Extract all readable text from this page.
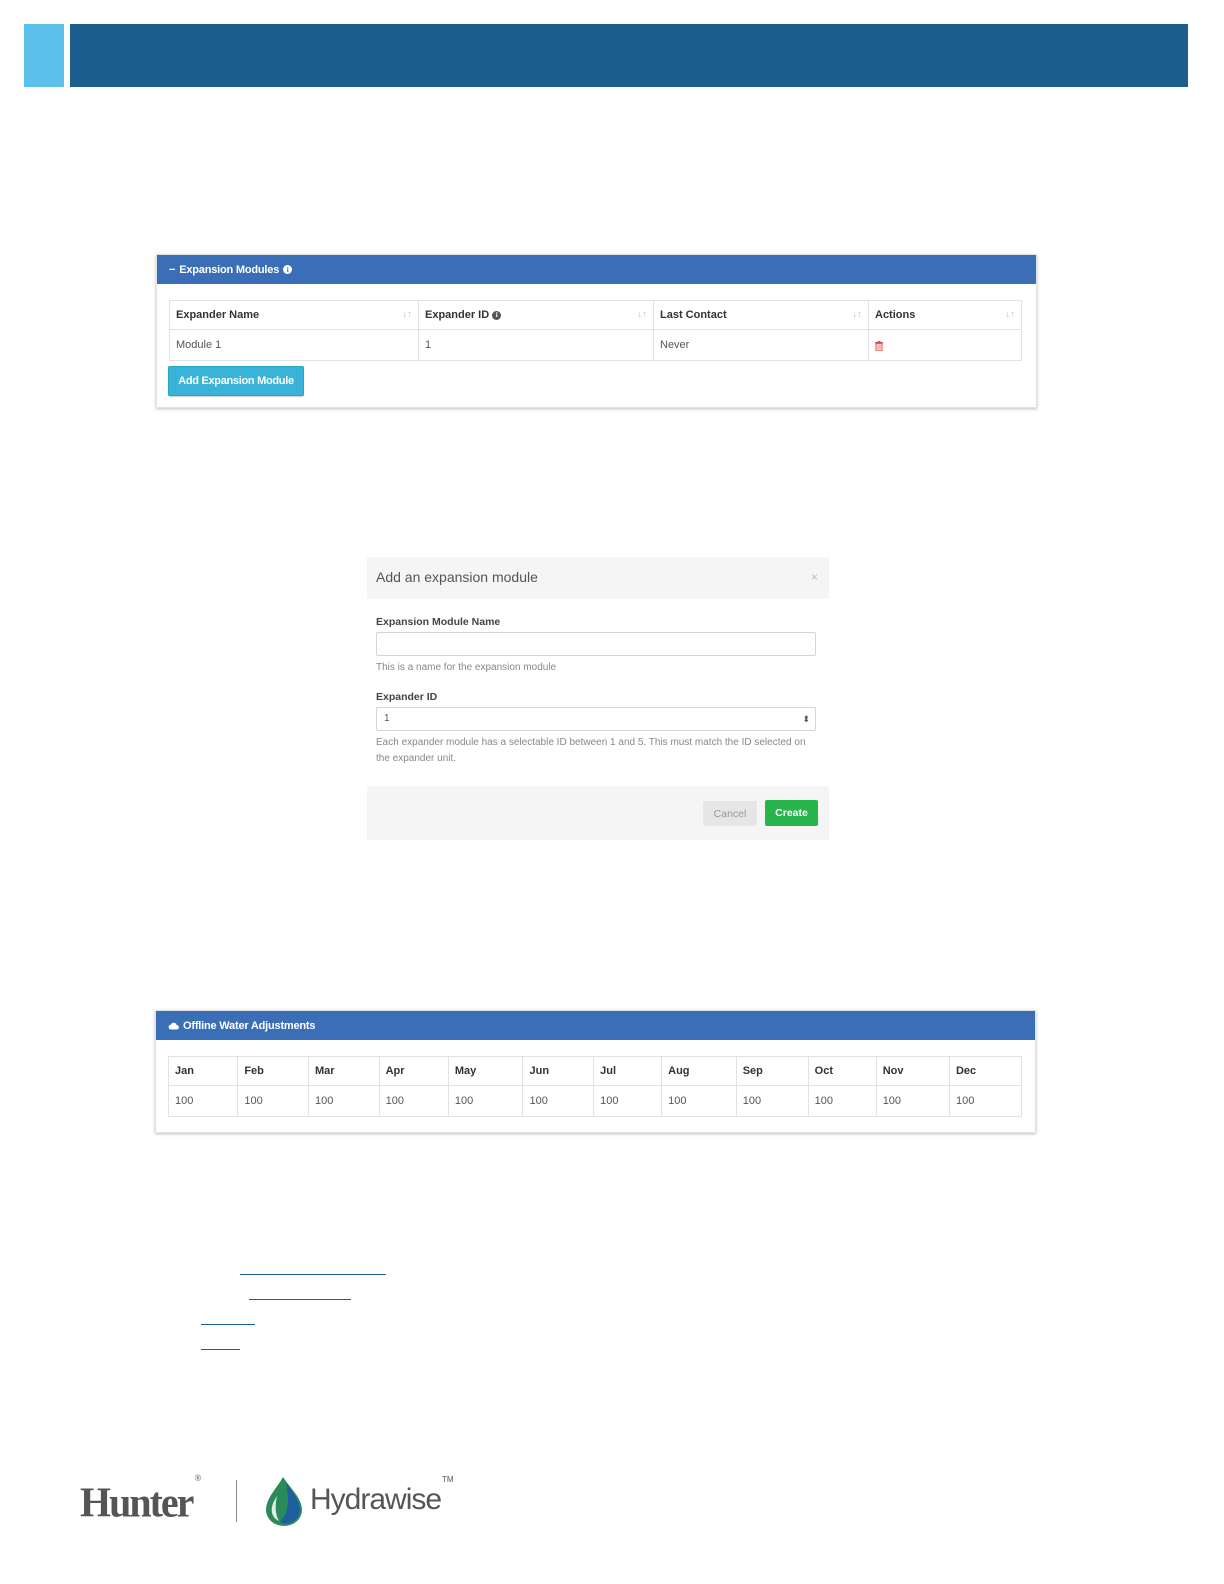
− Expansion Modules	i
Expander Name ↓↑	Expander ID i ↓↑	Last Contact ↓↑	Actions ↓↑

Module 1	1	Never	
Add Expansion Module
Add an expansion module	×
Expansion Module Name
This is a name for the expansion module
Expander ID
1	⬍
Each expander module has a selectable ID between 1 and 5. This must match the ID selected on the expander unit.
Cancel	Create
Offline Water Adjustments
Jan	Feb	Mar	Apr	May	Jun	Jul	Aug	Sep	Oct	Nov	Dec
100	100	100	100	100	100	100	100	100	100	100	100
Hunter®
Hydrawise™
